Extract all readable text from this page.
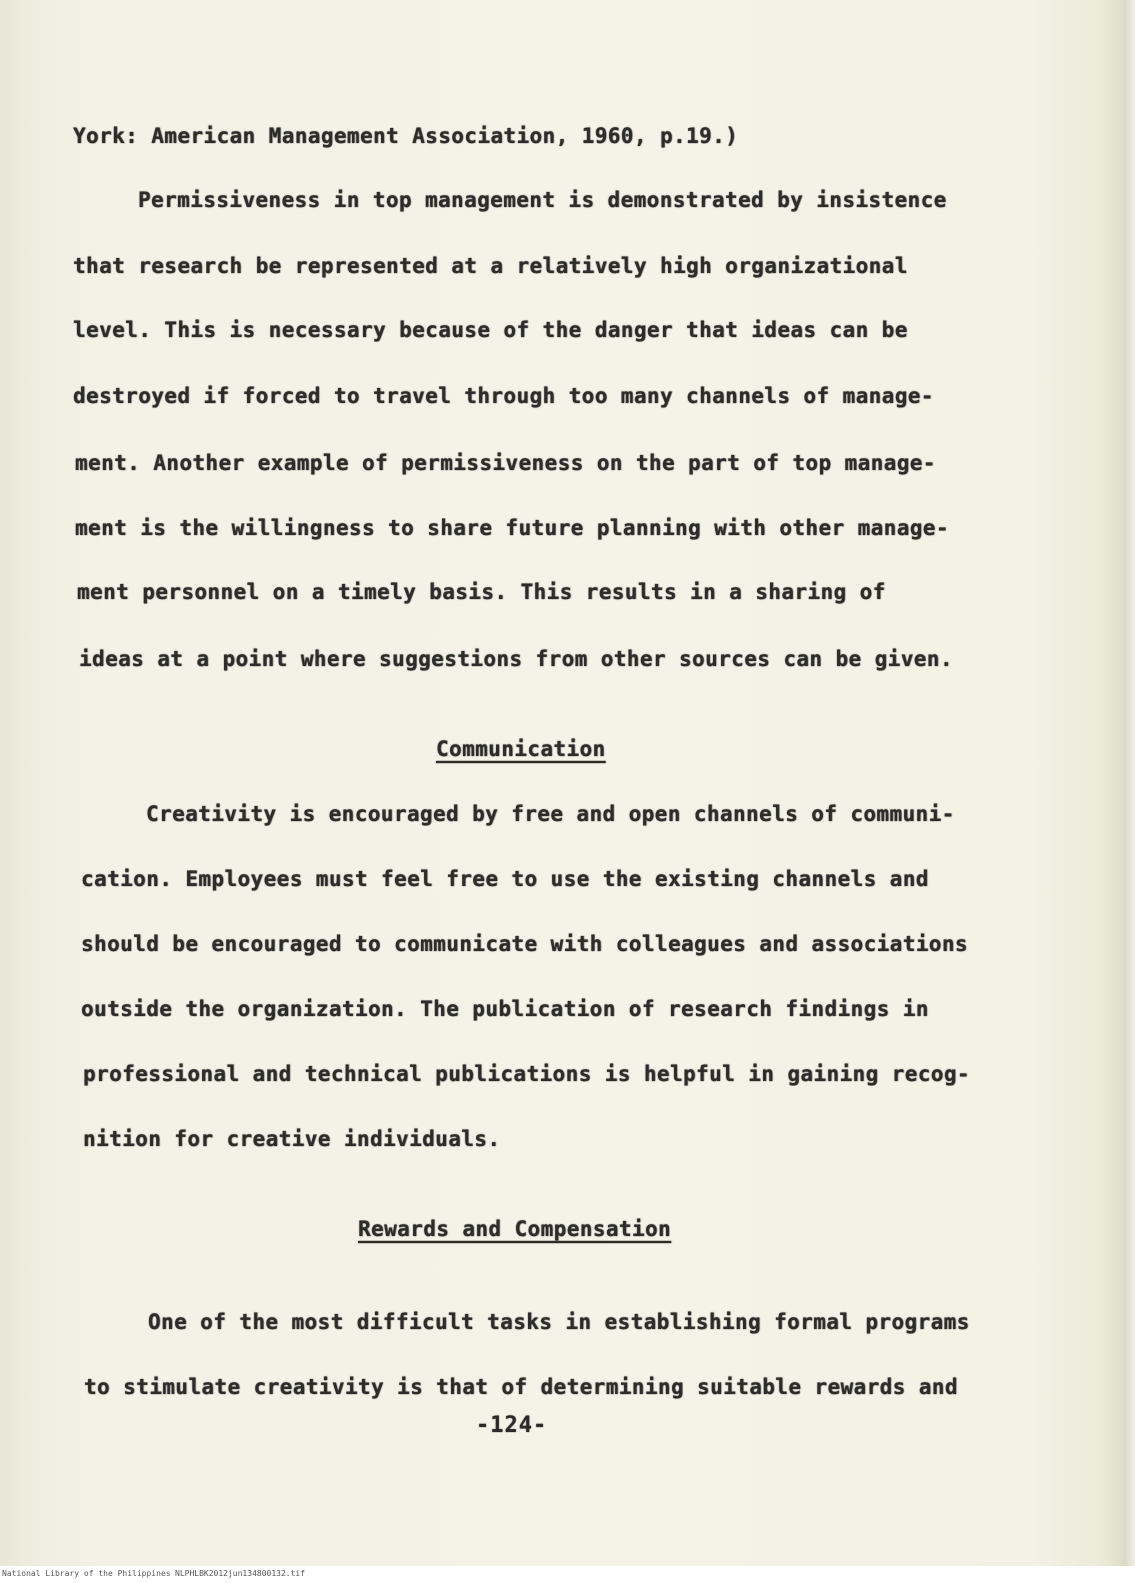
York: American Management Association, 1960, p.19.)
Permissiveness in top management is demonstrated by insistence
that research be represented at a relatively high organizational
level. This is necessary because of the danger that ideas can be
destroyed if forced to travel through too many channels of manage-
ment. Another example of permissiveness on the part of top manage-
ment is the willingness to share future planning with other manage-
ment personnel on a timely basis. This results in a sharing of
ideas at a point where suggestions from other sources can be given.
Communication
Creativity is encouraged by free and open channels of communi-
cation. Employees must feel free to use the existing channels and
should be encouraged to communicate with colleagues and associations
outside the organization. The publication of research findings in
professional and technical publications is helpful in gaining recog-
nition for creative individuals.
Rewards and Compensation
One of the most difficult tasks in establishing formal programs
to stimulate creativity is that of determining suitable rewards and
-124-
National Library of the Philippines NLPHLBK2012jun134800132.tif
